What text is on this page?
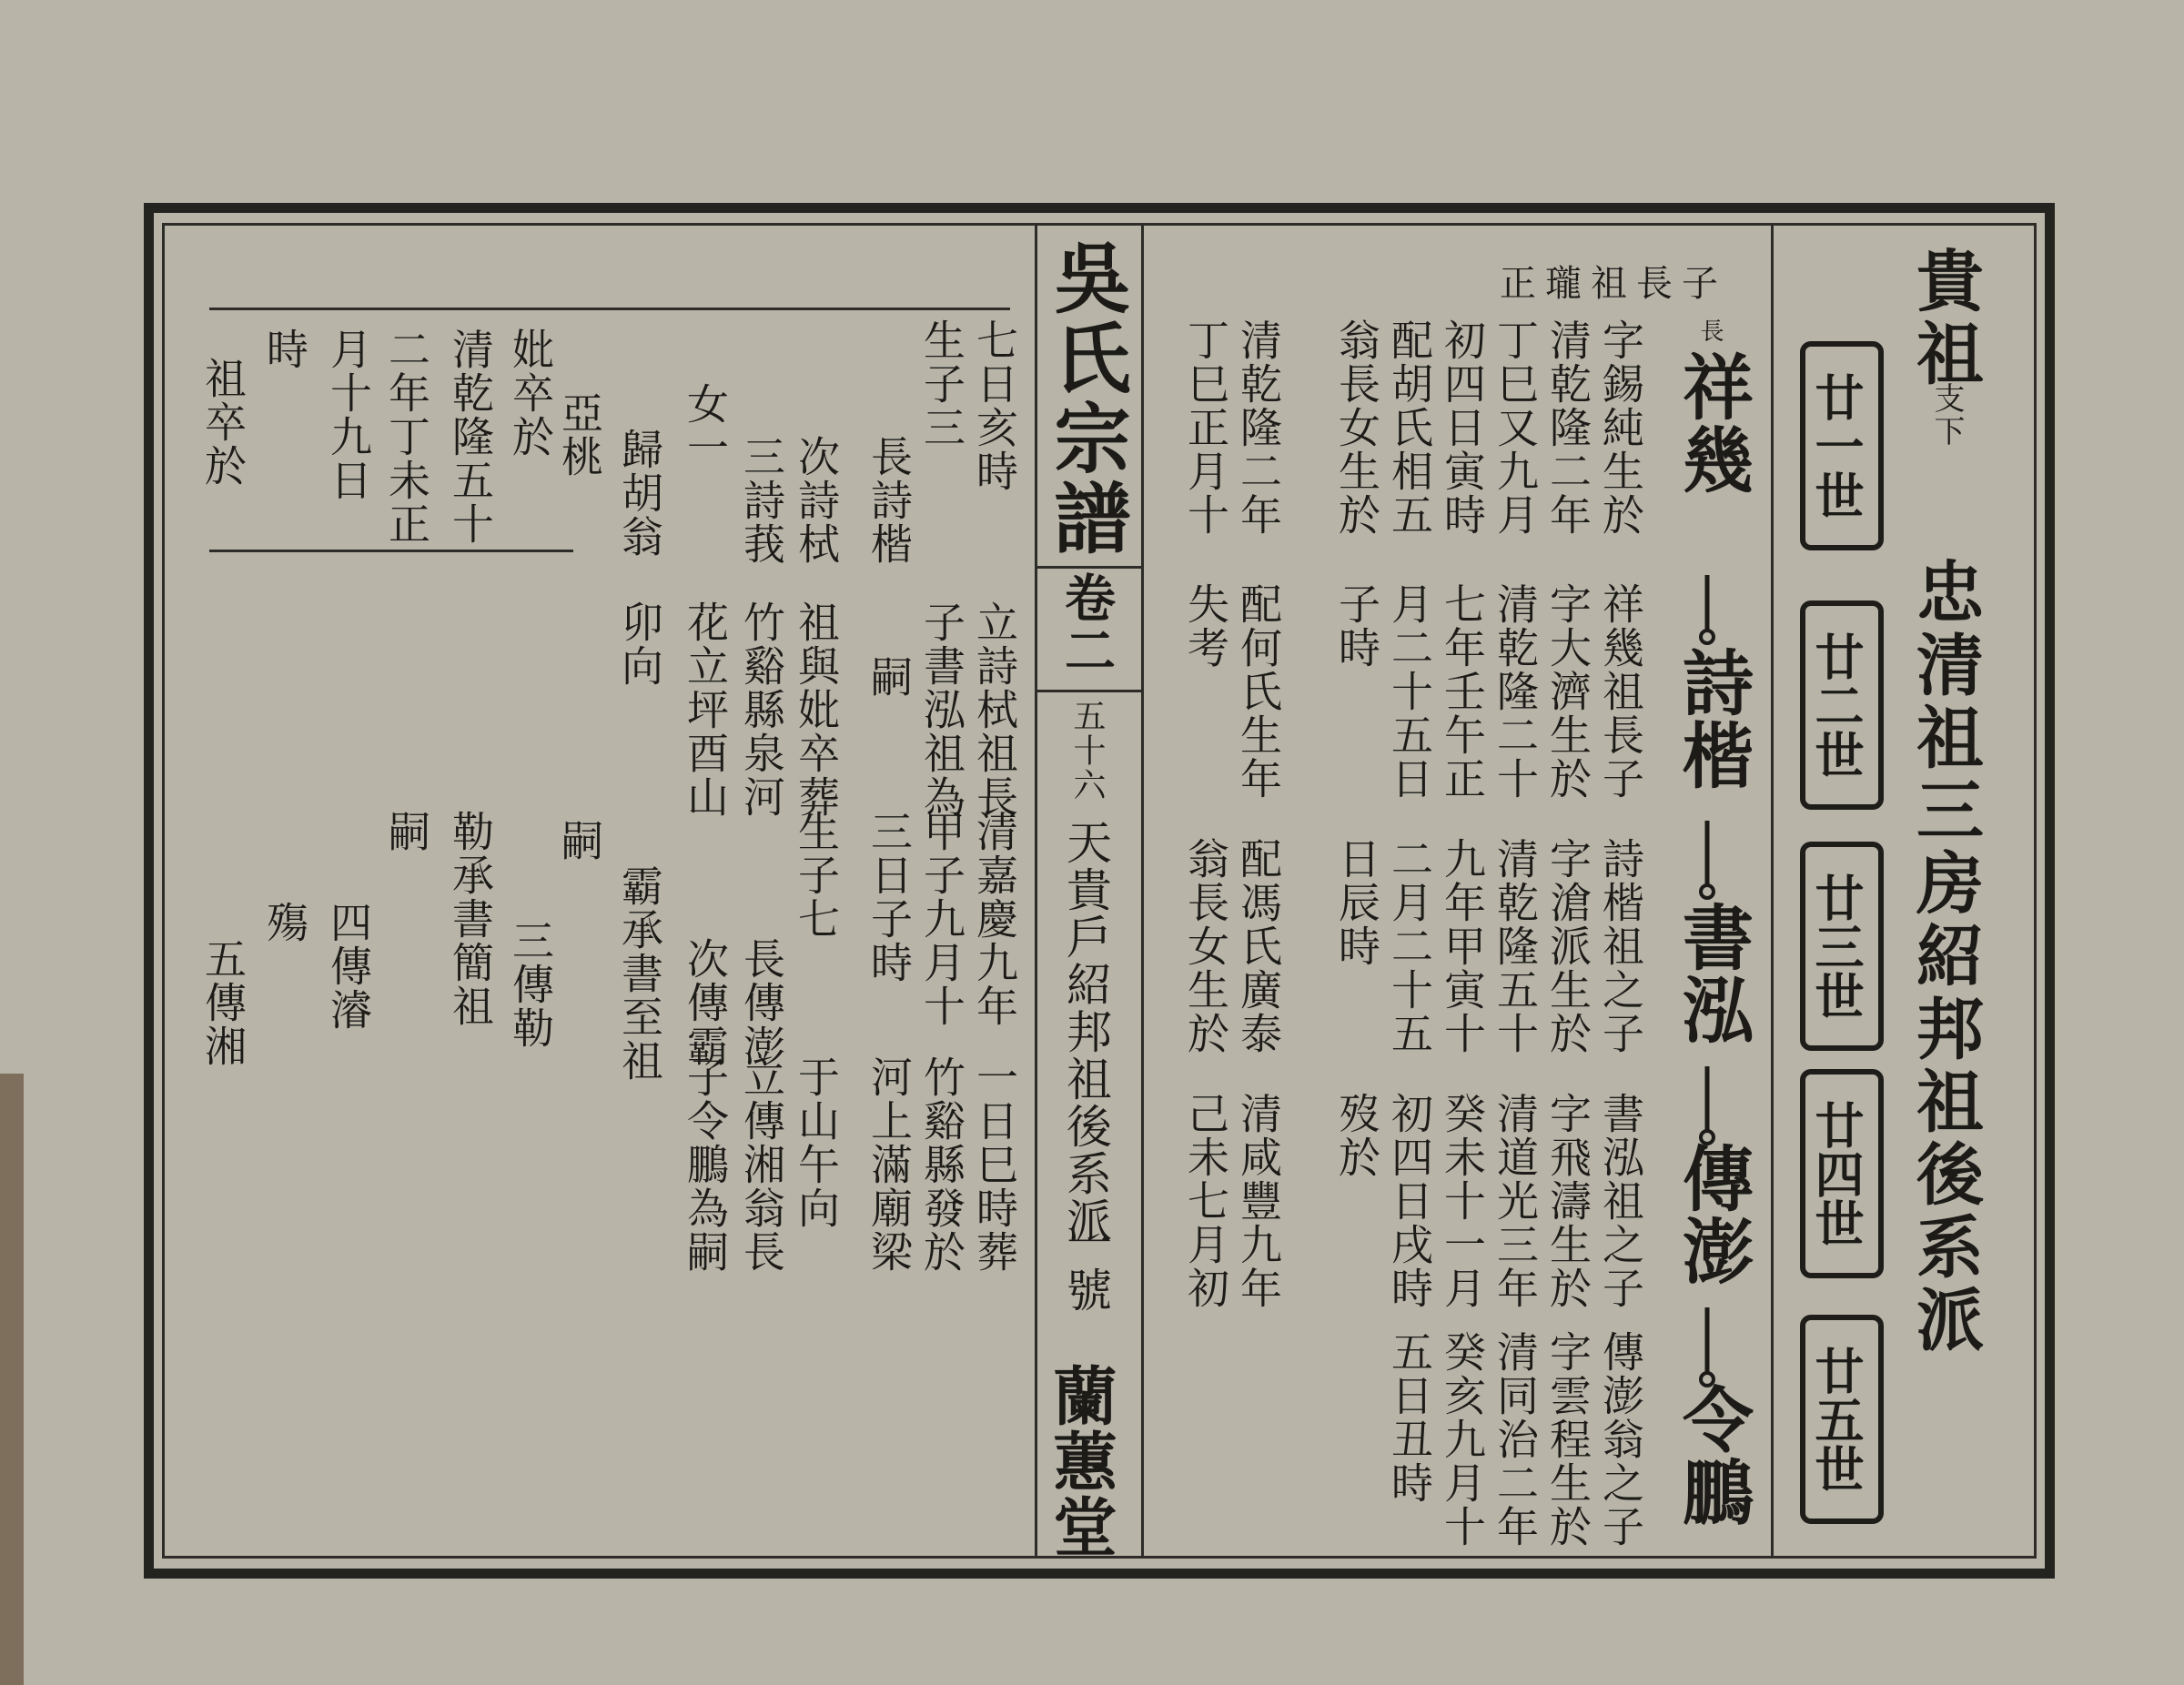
貴祖
支下
忠清祖三房紹邦祖後系派
廿一世
廿二世
廿三世
廿四世
廿五世
正瓏祖長子
長
祥幾
詩楷
書泓
傳澎
令鵬
字錫純生於
清乾隆二年
丁巳又九月
初四日寅時
配胡氏相五
翁長女生於
清乾隆二年
丁巳正月十
祥幾祖長子
字大濟生於
清乾隆二十
七年壬午正
月二十五日
子時
配何氏生年
失考
詩楷祖之子
字滄派生於
清乾隆五十
九年甲寅十
二月二十五
日辰時
配馮氏廣泰
翁長女生於
書泓祖之子
字飛濤生於
清道光三年
癸未十一月
初四日戌時
歿於
清咸豐九年
己未七月初
傳澎翁之子
字雲程生於
清同治二年
癸亥九月十
五日丑時
吳氏宗譜
卷二
五十六
天貴戶紹邦祖後系派
一號
蘭蕙堂
七日亥時
生子三
長詩楷
次詩栻
三詩莪
女一
立詩栻祖長
子書泓祖為
嗣
祖與妣卒葬
竹谿縣泉河
花立坪酉山
歸胡翁
卯向
清嘉慶九年
甲子九月十
三日子時
生子七
長傳澎
次傳霸
霸承書至祖
嗣
一日巳時葬
竹谿縣發於
河上滿廟梁
于山午向
立傳湘翁長
子令鵬為嗣
亞桃
妣卒於
清乾隆五十
二年丁未正
月十九日
時
祖卒於
三傳勒
勒承書簡祖
嗣
四傳濬
殤
五傳湘
